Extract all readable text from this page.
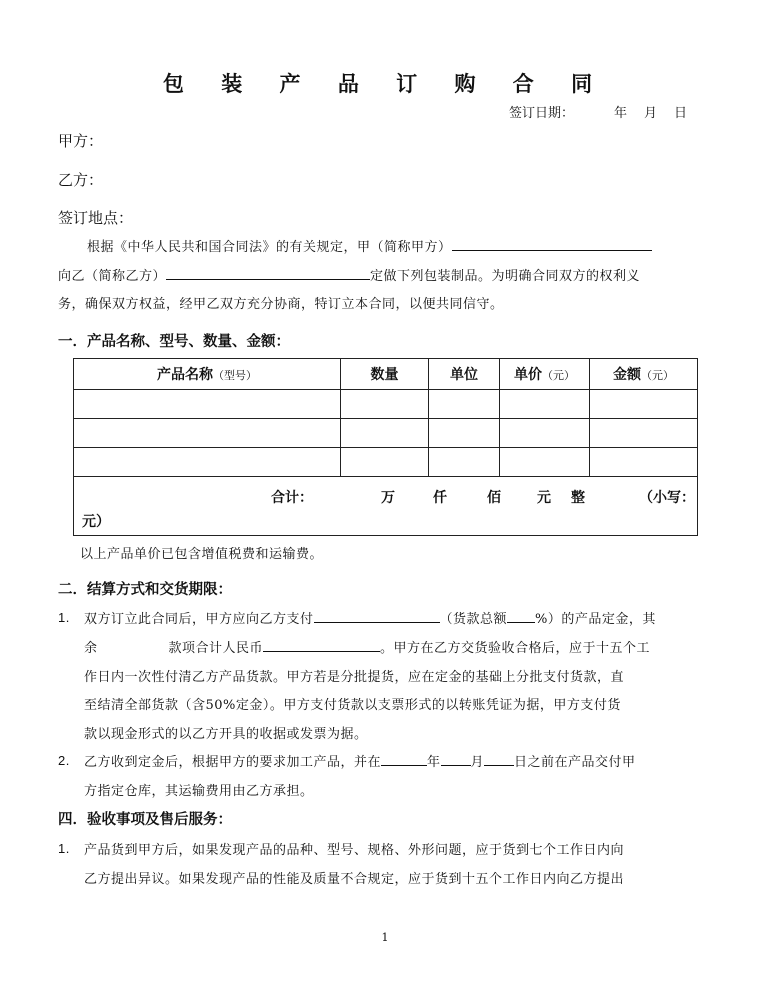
包 装 产 品 订 购 合 同
签订日期：	年 月 日
甲方：
乙方：
签订地点：
根据《中华人民共和国合同法》的有关规定，甲（简称甲方）
向乙（简称乙方）	定做下列包装制品。为明确合同双方的权利义
务，确保双方权益，经甲乙双方充分协商，特订立本合同，以便共同信守。
一．产品名称、型号、数量、金额：
产品名称（型号）	数量	单位	单价（元）	金额（元）

合计： 万 仟 佰 元 整 （小写：
元）				
以上产品单价已包含增值税费和运输费。
二．结算方式和交货期限：
1. 双方订立此合同后，甲方应向乙方支付	（货款总额 %）的产品定金，其
余	款项合计人民币	。甲方在乙方交货验收合格后，应于十五个工
作日内一次性付清乙方产品货款。甲方若是分批提货，应在定金的基础上分批支付货款，直
至结清全部货款（含50%定金）。甲方支付货款以支票形式的以转账凭证为据，甲方支付货
款以现金形式的以乙方开具的收据或发票为据。
2. 乙方收到定金后，根据甲方的要求加工产品，并在	年 月 日之前在产品交付甲
方指定仓库，其运输费用由乙方承担。
四．验收事项及售后服务：
1. 产品货到甲方后，如果发现产品的品种、型号、规格、外形问题，应于货到七个工作日内向
乙方提出异议。如果发现产品的性能及质量不合规定，应于货到十五个工作日内向乙方提出
1
